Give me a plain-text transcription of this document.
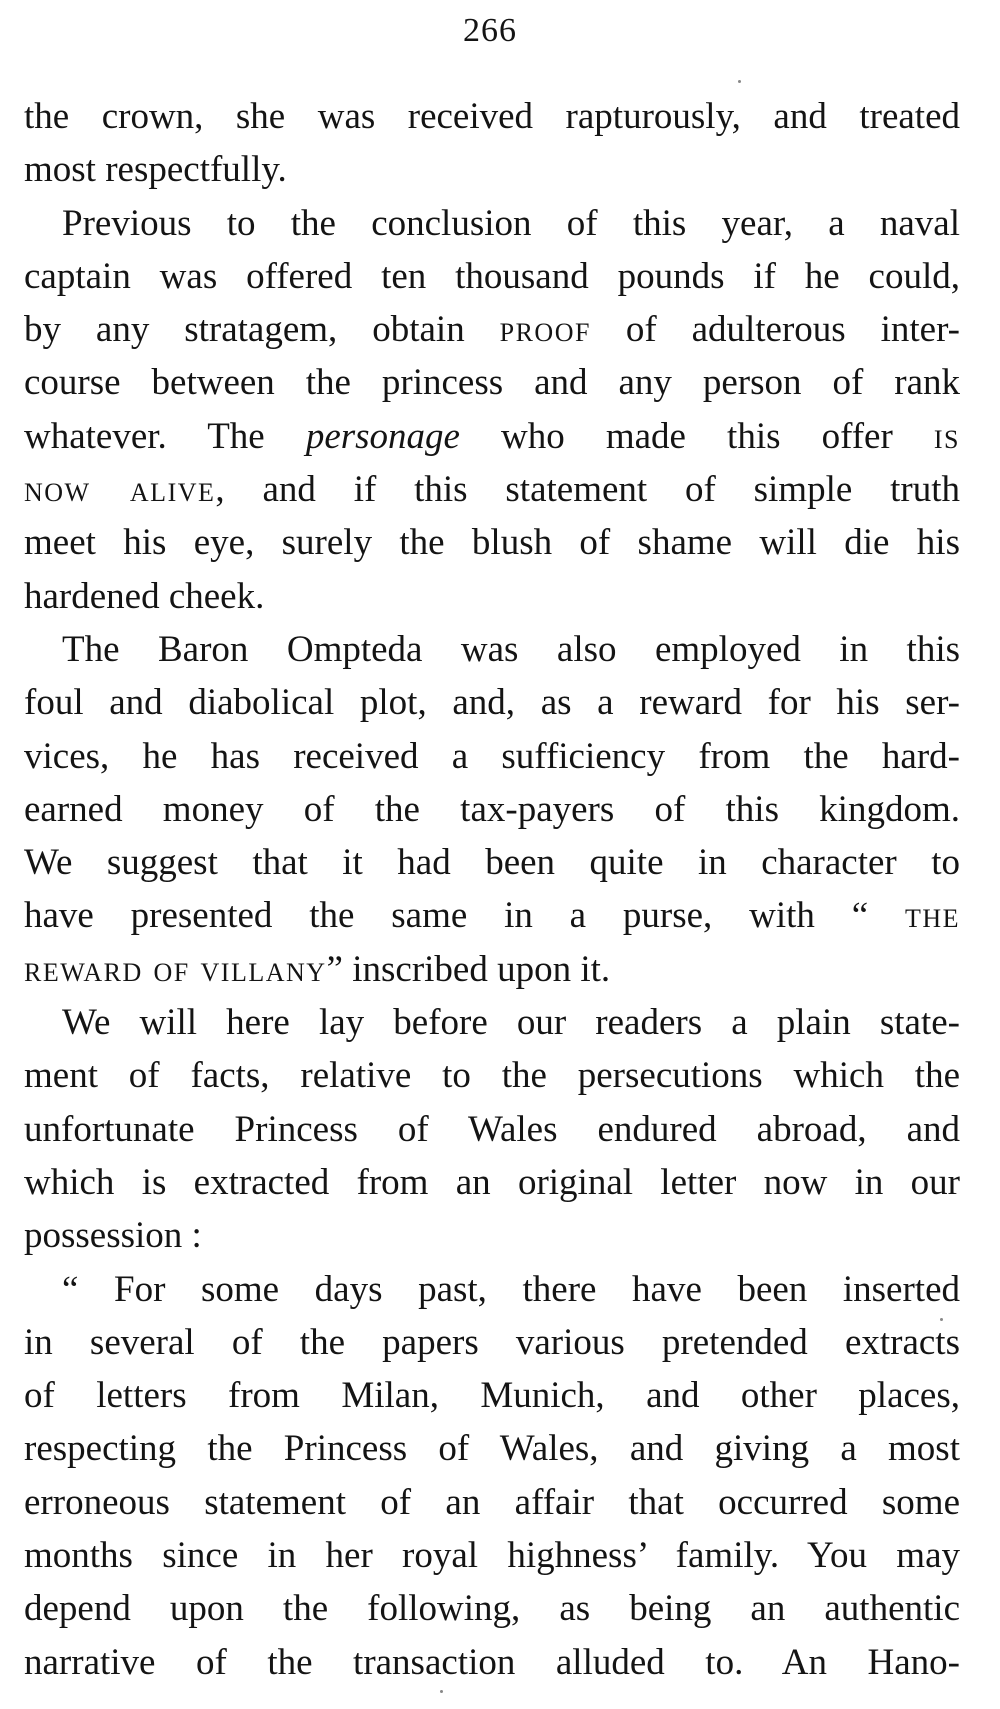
266
the crown, she was received rapturously, and treated
most respectfully.
Previous to the conclusion of this year, a naval
captain was offered ten thousand pounds if he could,
by any stratagem, obtain proof of adulterous inter-
course between the princess and any person of rank
whatever. The personage who made this offer is
now alive, and if this statement of simple truth
meet his eye, surely the blush of shame will die his
hardened cheek.
The Baron Ompteda was also employed in this
foul and diabolical plot, and, as a reward for his ser-
vices, he has received a sufficiency from the hard-
earned money of the tax-payers of this kingdom.
We suggest that it had been quite in character to
have presented the same in a purse, with “ the
reward of villany” inscribed upon it.
We will here lay before our readers a plain state-
ment of facts, relative to the persecutions which the
unfortunate Princess of Wales endured abroad, and
which is extracted from an original letter now in our
possession :
“ For some days past, there have been inserted
in several of the papers various pretended extracts
of letters from Milan, Munich, and other places,
respecting the Princess of Wales, and giving a most
erroneous statement of an affair that occurred some
months since in her royal highness’ family. You may
depend upon the following, as being an authentic
narrative of the transaction alluded to. An Hano-
